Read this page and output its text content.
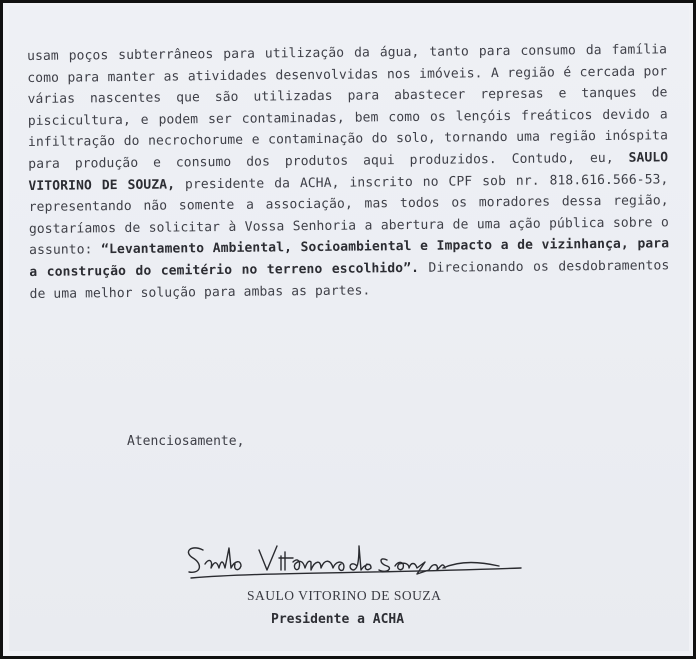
usam poços subterrâneos para utilização da água, tanto para consumo da família como para manter as atividades desenvolvidas nos imóveis. A região é cercada por várias nascentes que são utilizadas para abastecer represas e tanques de piscicultura, e podem ser contaminadas, bem como os lençóis freáticos devido a infiltração do necrochorume e contaminação do solo, tornando uma região inóspita para produção e consumo dos produtos aqui produzidos. Contudo, eu, SAULO VITORINO DE SOUZA, presidente da ACHA, inscrito no CPF sob nr. 818.616.566-53, representando não somente a associação, mas todos os moradores dessa região, gostaríamos de solicitar à Vossa Senhoria a abertura de uma ação pública sobre o assunto: “Levantamento Ambiental, Socioambiental e Impacto a de vizinhança, para a construção do cemitério no terreno escolhido”. Direcionando os desdobramentos de uma melhor solução para ambas as partes.

Atenciosamente,

SAULO VITORINO DE SOUZA

Presidente a ACHA
